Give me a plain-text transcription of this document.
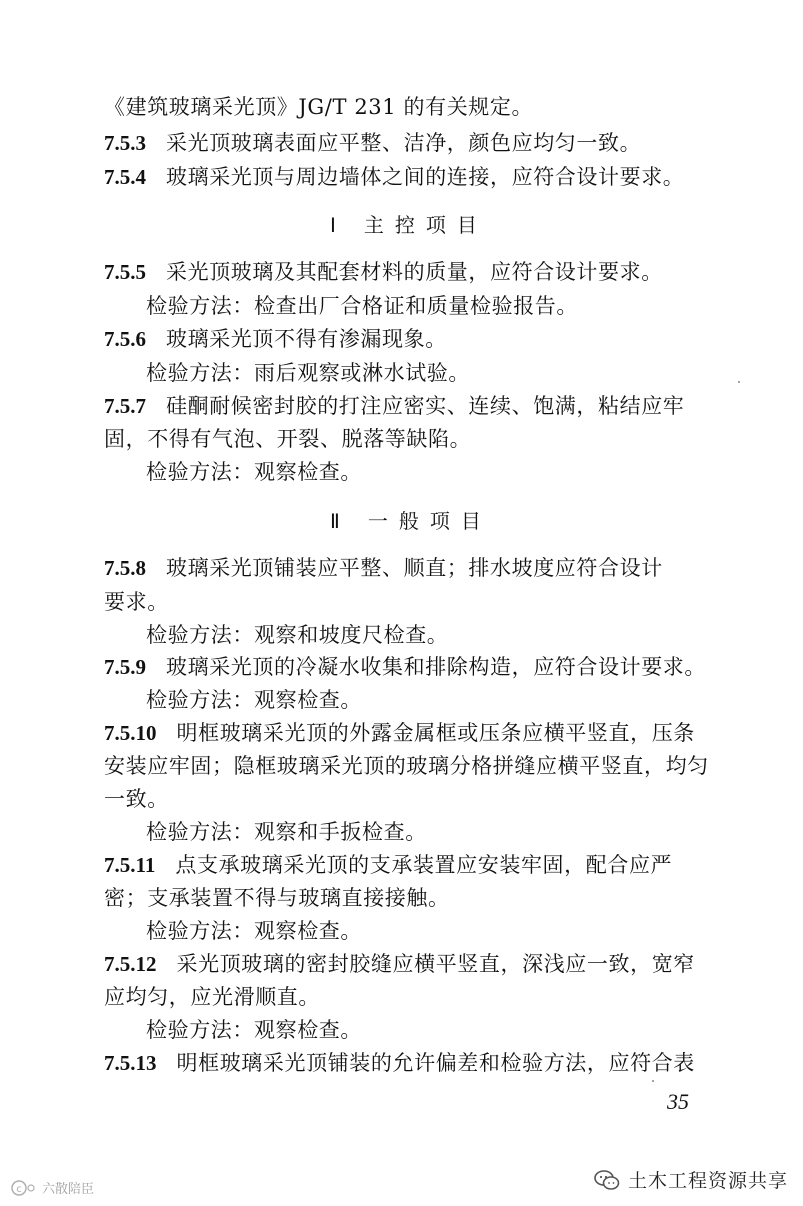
《建筑玻璃采光顶》JG/T 231 的有关规定。
7.5.3 采光顶玻璃表面应平整、洁净，颜色应均匀一致。
7.5.4 玻璃采光顶与周边墙体之间的连接，应符合设计要求。
Ⅰ 主控项目
7.5.5 采光顶玻璃及其配套材料的质量，应符合设计要求。
检验方法：检查出厂合格证和质量检验报告。
7.5.6 玻璃采光顶不得有渗漏现象。
检验方法：雨后观察或淋水试验。
7.5.7 硅酮耐候密封胶的打注应密实、连续、饱满，粘结应牢
固，不得有气泡、开裂、脱落等缺陷。
检验方法：观察检查。
Ⅱ 一般项目
7.5.8 玻璃采光顶铺装应平整、顺直；排水坡度应符合设计
要求。
检验方法：观察和坡度尺检查。
7.5.9 玻璃采光顶的冷凝水收集和排除构造，应符合设计要求。
检验方法：观察检查。
7.5.10 明框玻璃采光顶的外露金属框或压条应横平竖直，压条
安装应牢固；隐框玻璃采光顶的玻璃分格拼缝应横平竖直，均匀
一致。
检验方法：观察和手扳检查。
7.5.11 点支承玻璃采光顶的支承装置应安装牢固，配合应严
密；支承装置不得与玻璃直接接触。
检验方法：观察检查。
7.5.12 采光顶玻璃的密封胶缝应横平竖直，深浅应一致，宽窄
应均匀，应光滑顺直。
检验方法：观察检查。
7.5.13 明框玻璃采光顶铺装的允许偏差和检验方法，应符合表
35
c 六散陪臣	土木工程资源共享
